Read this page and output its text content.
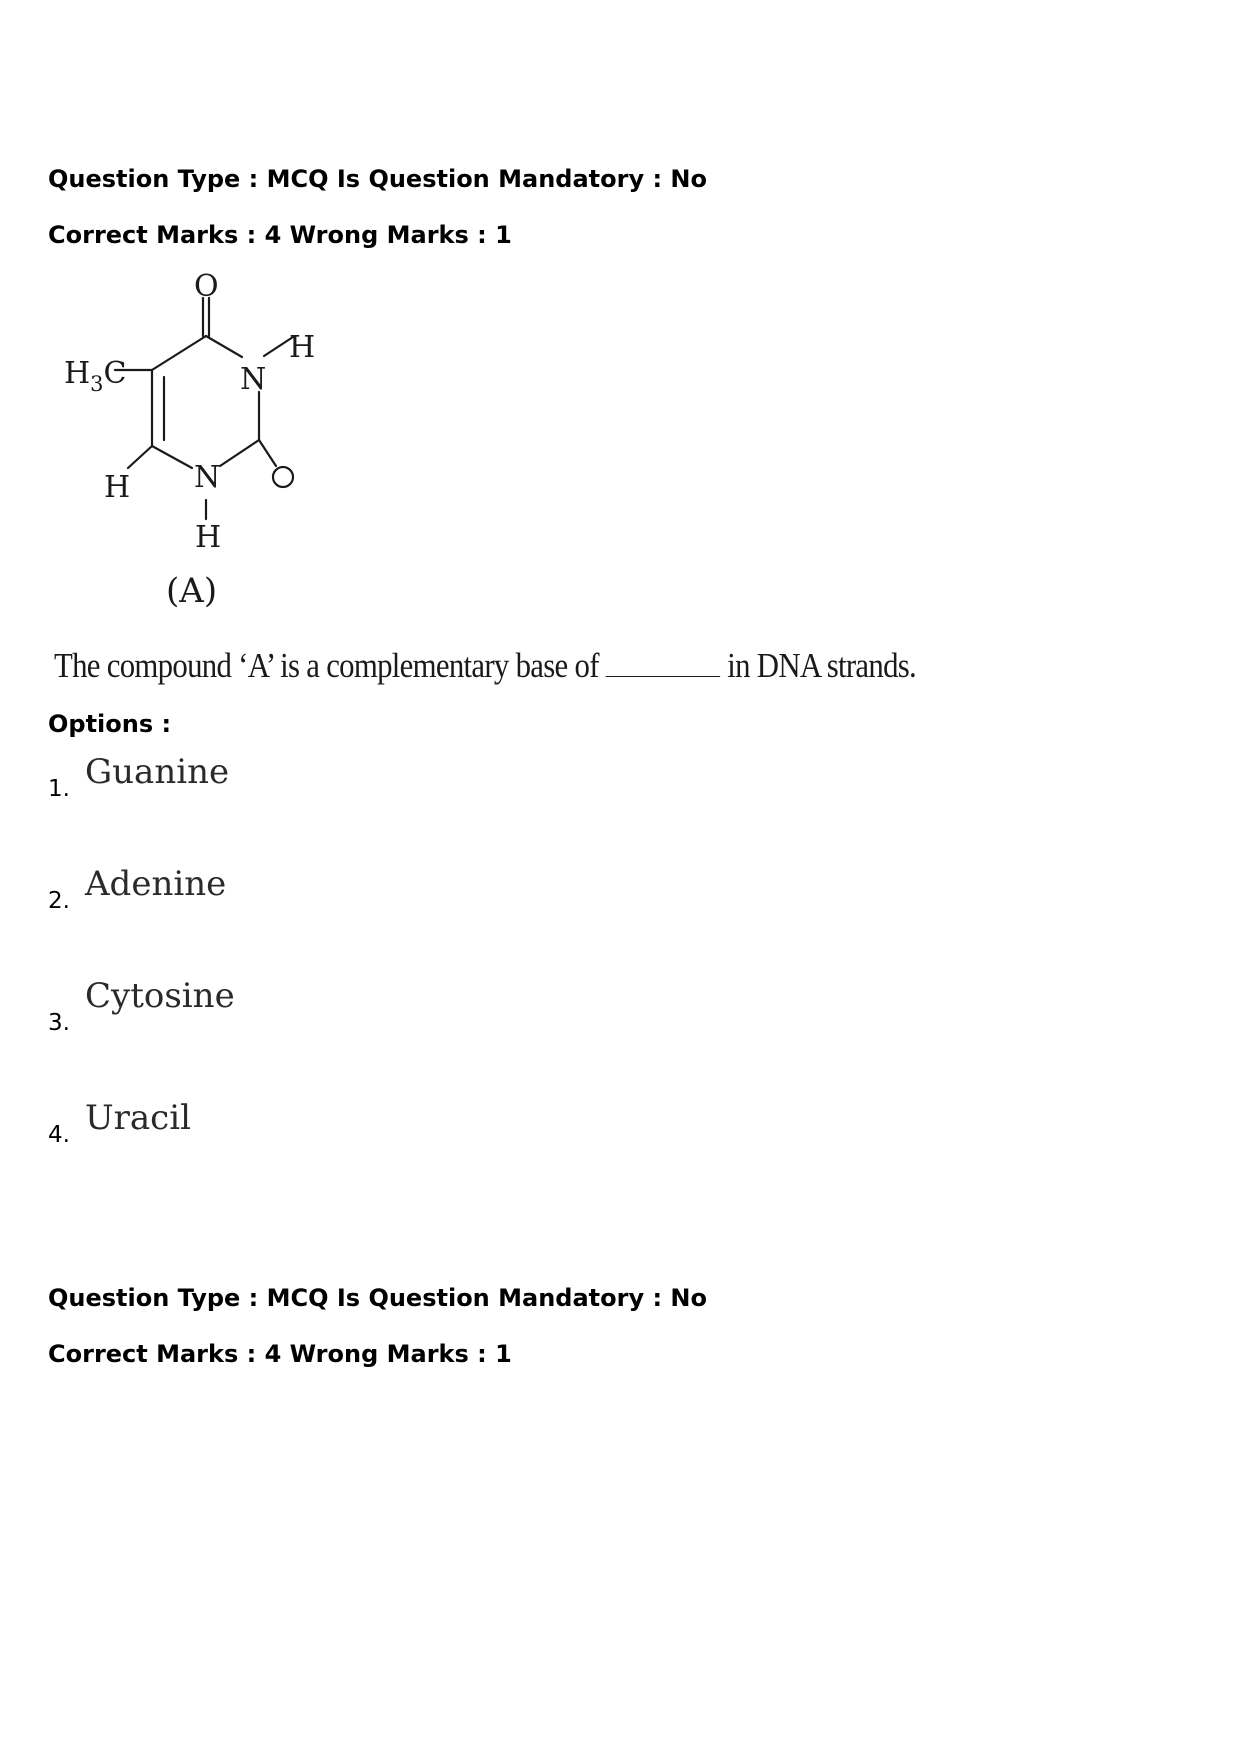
Question Type : MCQ Is Question Mandatory : No
Correct Marks : 4 Wrong Marks : 1
O
N
H
$H_3C$
H N
H
(A)
The compound ‘A’ is a complementary base of	in DNA strands.
Options :
1. Guanine
2. Adenine
3.
Cytosine
4. Uracil
Question Type : MCQ Is Question Mandatory : No
Correct Marks : 4 Wrong Marks : 1
